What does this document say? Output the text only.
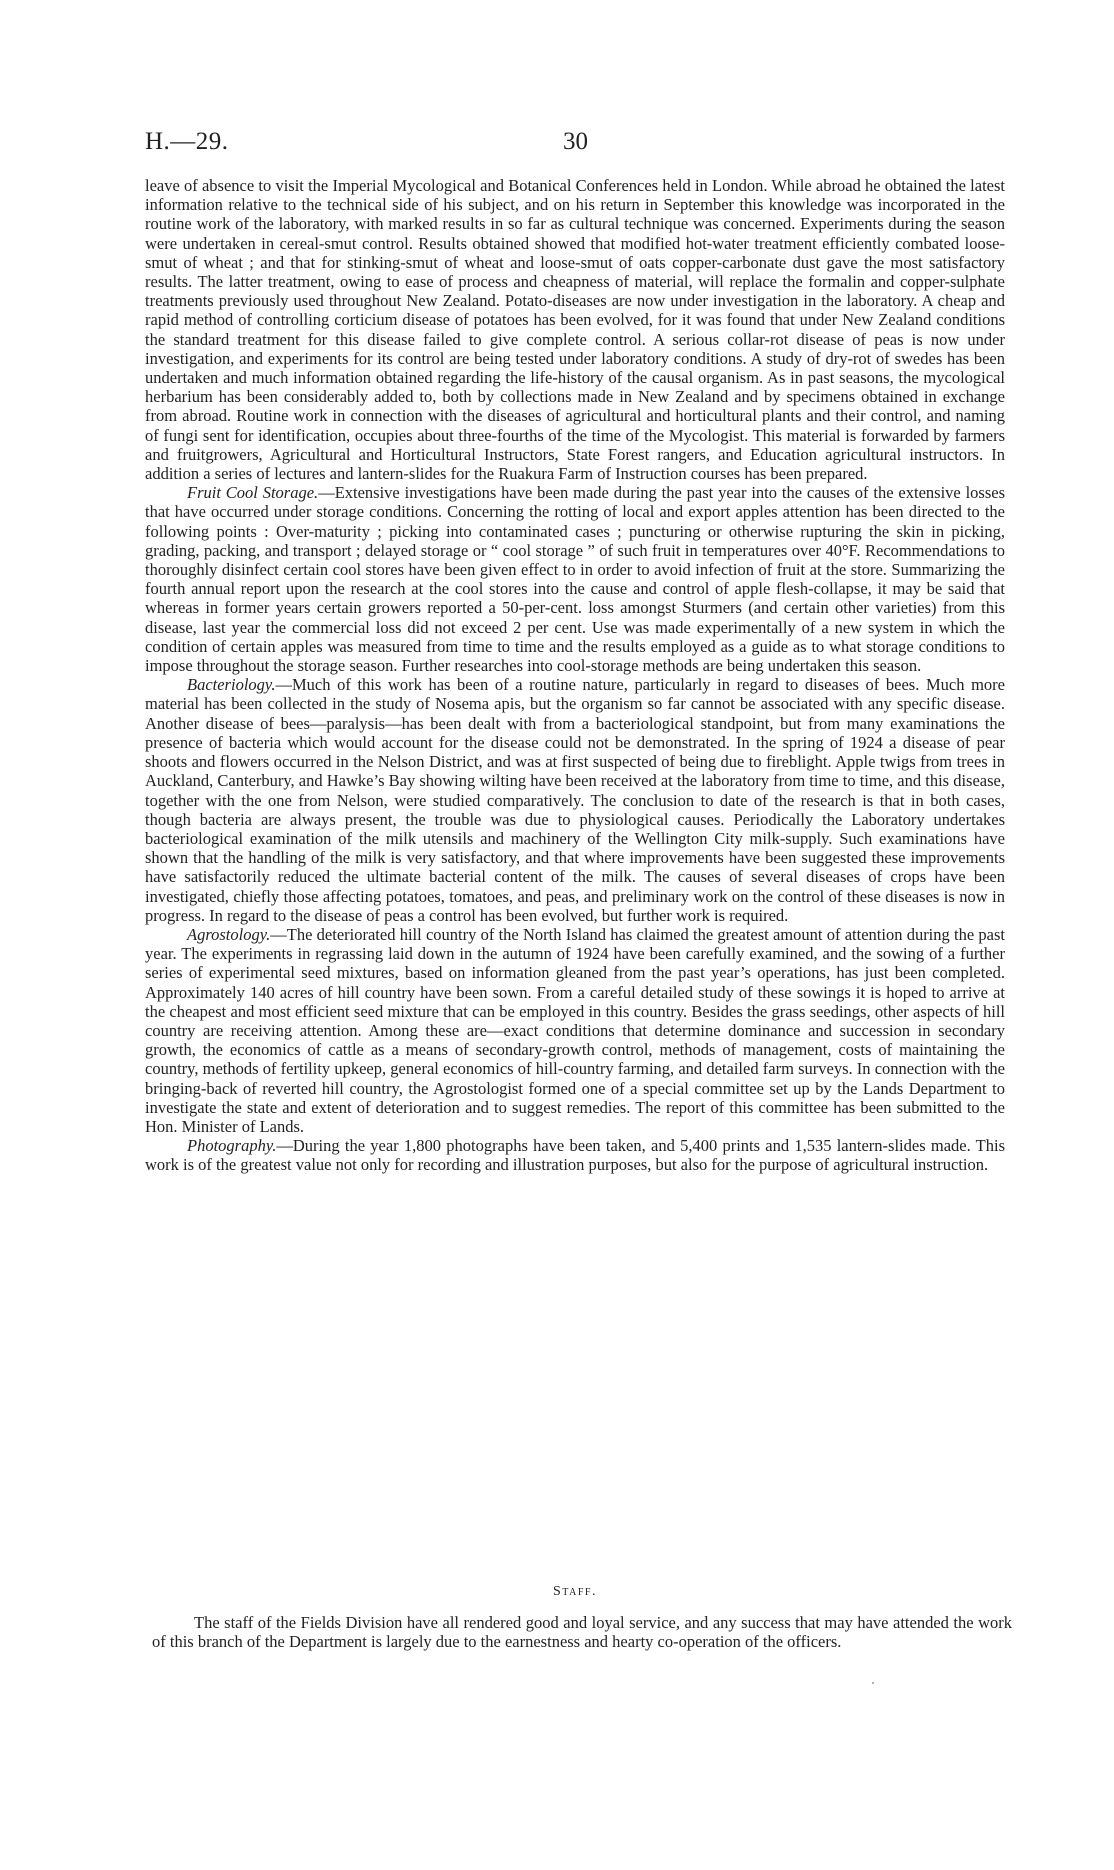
H.—29.	30

leave of absence to visit the Imperial Mycological and Botanical Conferences held in London. While abroad he obtained the latest information relative to the technical side of his subject, and on his return in September this knowledge was incorporated in the routine work of the laboratory, with marked results in so far as cultural technique was concerned. Experiments during the season were undertaken in cereal-smut control. Results obtained showed that modified hot-water treatment efficiently combated loose-smut of wheat ; and that for stinking-smut of wheat and loose-smut of oats copper-carbonate dust gave the most satisfactory results. The latter treatment, owing to ease of process and cheapness of material, will replace the formalin and copper-sulphate treatments previously used throughout New Zealand. Potato-diseases are now under investigation in the laboratory. A cheap and rapid method of controlling corticium disease of potatoes has been evolved, for it was found that under New Zealand conditions the standard treatment for this disease failed to give complete control. A serious collar-rot disease of peas is now under investigation, and experiments for its control are being tested under laboratory conditions. A study of dry-rot of swedes has been undertaken and much information obtained regarding the life-history of the causal organism. As in past seasons, the mycological herbarium has been considerably added to, both by collections made in New Zealand and by specimens obtained in exchange from abroad. Routine work in connection with the diseases of agricultural and horticultural plants and their control, and naming of fungi sent for identification, occupies about three-fourths of the time of the Mycologist. This material is forwarded by farmers and fruitgrowers, Agricultural and Horticultural Instructors, State Forest rangers, and Education agricultural instructors. In addition a series of lectures and lantern-slides for the Ruakura Farm of Instruction courses has been prepared.

Fruit Cool Storage.—Extensive investigations have been made during the past year into the causes of the extensive losses that have occurred under storage conditions. Concerning the rotting of local and export apples attention has been directed to the following points : Over-maturity ; picking into contaminated cases ; puncturing or otherwise rupturing the skin in picking, grading, packing, and transport ; delayed storage or “ cool storage ” of such fruit in temperatures over 40°F. Recommendations to thoroughly disinfect certain cool stores have been given effect to in order to avoid infection of fruit at the store. Summarizing the fourth annual report upon the research at the cool stores into the cause and control of apple flesh-collapse, it may be said that whereas in former years certain growers reported a 50-per-cent. loss amongst Sturmers (and certain other varieties) from this disease, last year the commercial loss did not exceed 2 per cent. Use was made experimentally of a new system in which the condition of certain apples was measured from time to time and the results employed as a guide as to what storage conditions to impose throughout the storage season. Further researches into cool-storage methods are being undertaken this season.

Bacteriology.—Much of this work has been of a routine nature, particularly in regard to diseases of bees. Much more material has been collected in the study of Nosema apis, but the organism so far cannot be associated with any specific disease. Another disease of bees—paralysis—has been dealt with from a bacteriological standpoint, but from many examinations the presence of bacteria which would account for the disease could not be demonstrated. In the spring of 1924 a disease of pear shoots and flowers occurred in the Nelson District, and was at first suspected of being due to fireblight. Apple twigs from trees in Auckland, Canterbury, and Hawke’s Bay showing wilting have been received at the laboratory from time to time, and this disease, together with the one from Nelson, were studied comparatively. The conclusion to date of the research is that in both cases, though bacteria are always present, the trouble was due to physiological causes. Periodically the Laboratory undertakes bacteriological examination of the milk utensils and machinery of the Wellington City milk-supply. Such examinations have shown that the handling of the milk is very satisfactory, and that where improvements have been suggested these improvements have satisfactorily reduced the ultimate bacterial content of the milk. The causes of several diseases of crops have been investigated, chiefly those affecting potatoes, tomatoes, and peas, and preliminary work on the control of these diseases is now in progress. In regard to the disease of peas a control has been evolved, but further work is required.

Agrostology.—The deteriorated hill country of the North Island has claimed the greatest amount of attention during the past year. The experiments in regrassing laid down in the autumn of 1924 have been carefully examined, and the sowing of a further series of experimental seed mixtures, based on information gleaned from the past year’s operations, has just been completed. Approximately 140 acres of hill country have been sown. From a careful detailed study of these sowings it is hoped to arrive at the cheapest and most efficient seed mixture that can be employed in this country. Besides the grass seedings, other aspects of hill country are receiving attention. Among these are—exact conditions that determine dominance and succession in secondary growth, the economics of cattle as a means of secondary-growth control, methods of management, costs of maintaining the country, methods of fertility upkeep, general economics of hill-country farming, and detailed farm surveys. In connection with the bringing-back of reverted hill country, the Agrostologist formed one of a special committee set up by the Lands Department to investigate the state and extent of deterioration and to suggest remedies. The report of this committee has been submitted to the Hon. Minister of Lands.

Photography.—During the year 1,800 photographs have been taken, and 5,400 prints and 1,535 lantern-slides made. This work is of the greatest value not only for recording and illustration purposes, but also for the purpose of agricultural instruction.

Staff.

The staff of the Fields Division have all rendered good and loyal service, and any success that may have attended the work of this branch of the Department is largely due to the earnestness and hearty co-operation of the officers.
